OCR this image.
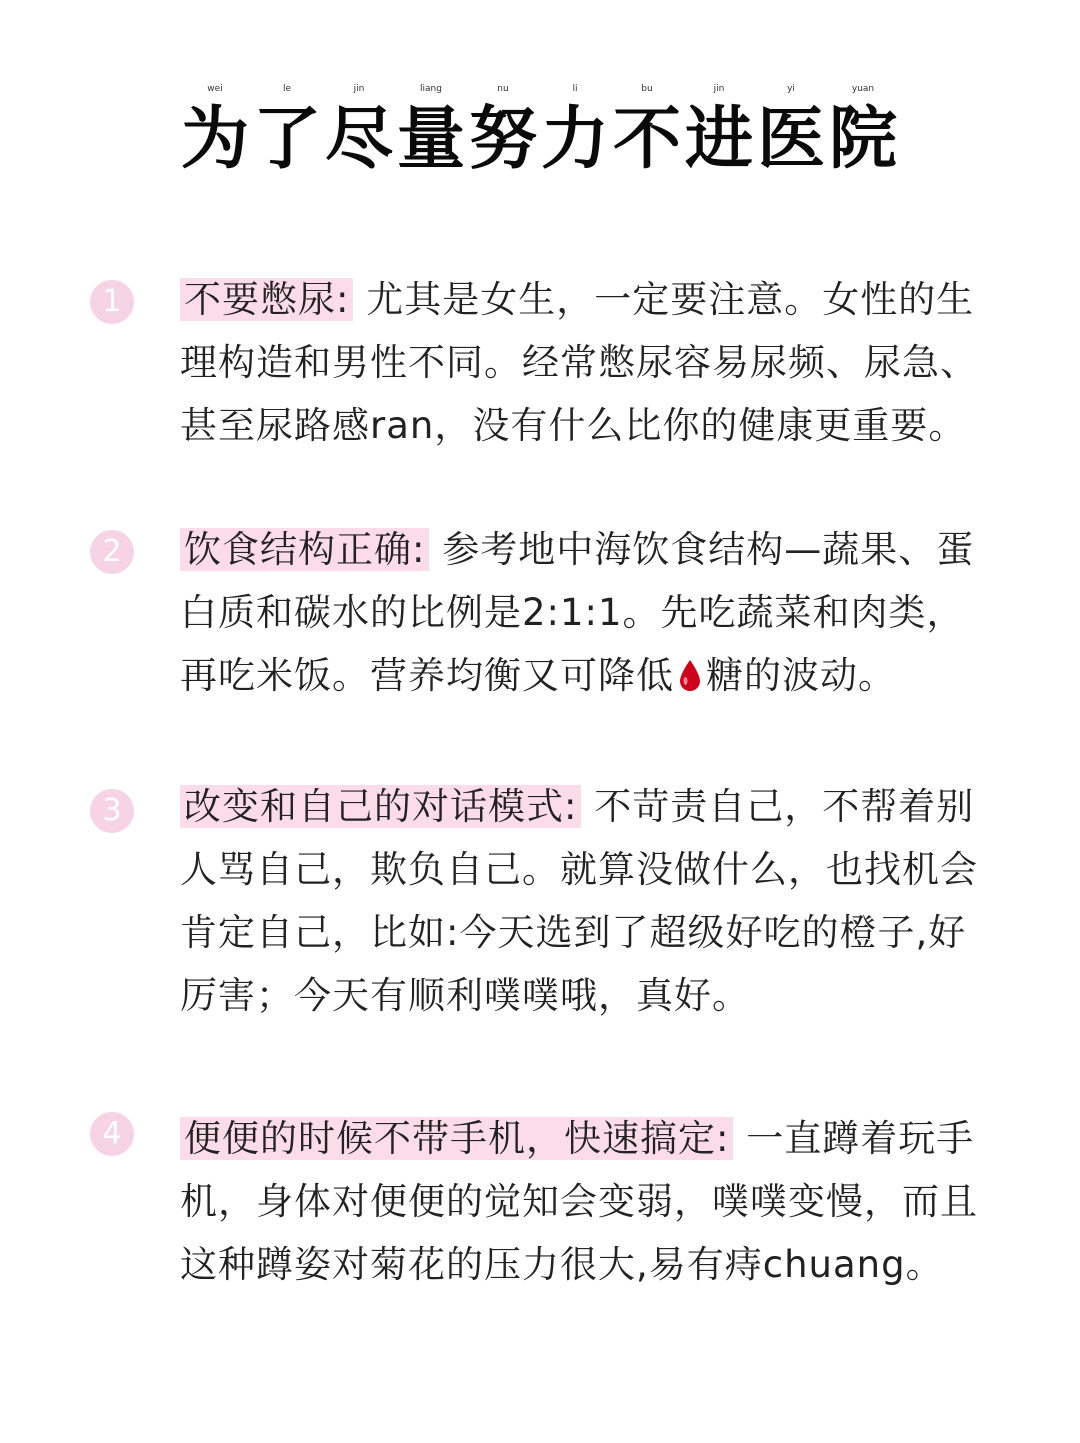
wei	le	jin	liang	nu	li	bu	jin	yi	yuan
为 了 尽 量 努 力 不 进 医 院
1	不要憋尿: 尤其是女生，一定要注意。女性的生理构造和男性不同。经常憋尿容易尿频、尿急、甚至尿路感ran，没有什么比你的健康更重要。
2	饮食结构正确: 参考地中海饮食结构—蔬果、蛋白质和碳水的比例是2:1:1。先吃蔬菜和肉类，再吃米饭。营养均衡又可降低 糖的波动。
3	改变和自己的对话模式: 不苛责自己，不帮着别人骂自己，欺负自己。就算没做什么，也找机会肯定自己，比如:今天选到了超级好吃的橙子,好厉害；今天有顺利噗噗哦，真好。
4	便便的时候不带手机，快速搞定: 一直蹲着玩手机，身体对便便的觉知会变弱，噗噗变慢，而且这种蹲姿对菊花的压力很大,易有痔chuang。
